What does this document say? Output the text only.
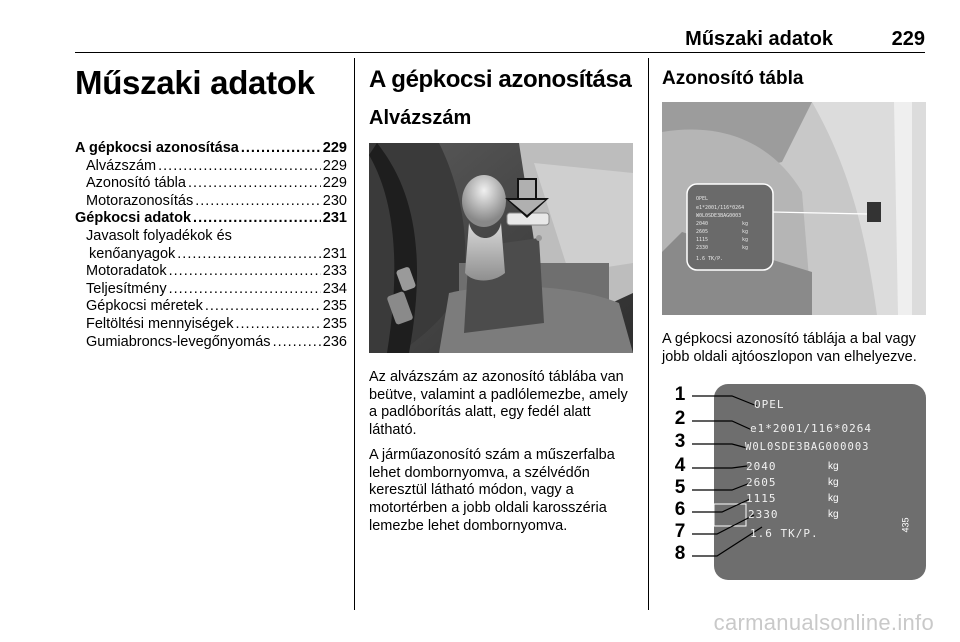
Műszaki adatok	229
Műszaki adatok
A gépkocsi azonosítása .....	229
Alvázszám .....	229
Azonosító tábla .....	229
Motorazonosítás .....	230
Gépkocsi adatok .....	231
Javasolt folyadékok és
kenőanyagok .....	231
Motoradatok .....	233
Teljesítmény .....	234
Gépkocsi méretek .....	235
Feltöltési mennyiségek .....	235
Gumiabroncs-levegőnyomás .....	236
A gépkocsi azonosítása
Alvázszám

Az alvázszám az azonosító táblába van beütve, valamint a padlólemezbe, amely a padlóborítás alatt, egy fedél alatt látható.

A járműazonosító szám a műszerfalba lehet dombornyomva, a szélvédőn keresztül látható módon, vagy a motortérben a jobb oldali karosszéria lemezbe lehet dombornyomva.

Azonosító tábla
OPEL
e1*2001/116*0264
W0L0SDE3BAG0003
2040	kg
2605	kg
1115	kg
2330	kg
1.6 TK/P.

A gépkocsi azonosító táblája a bal vagy jobb oldali ajtóoszlopon van elhelyezve.

1
2
3
4
5
6
7
8
OPEL
e1*2001/116*0264
W0L0SDE3BAG000003
2040
2605
1115
2330
1.6 TK/P.
kg
kg
kg
kg
435
carmanualsonline.info
